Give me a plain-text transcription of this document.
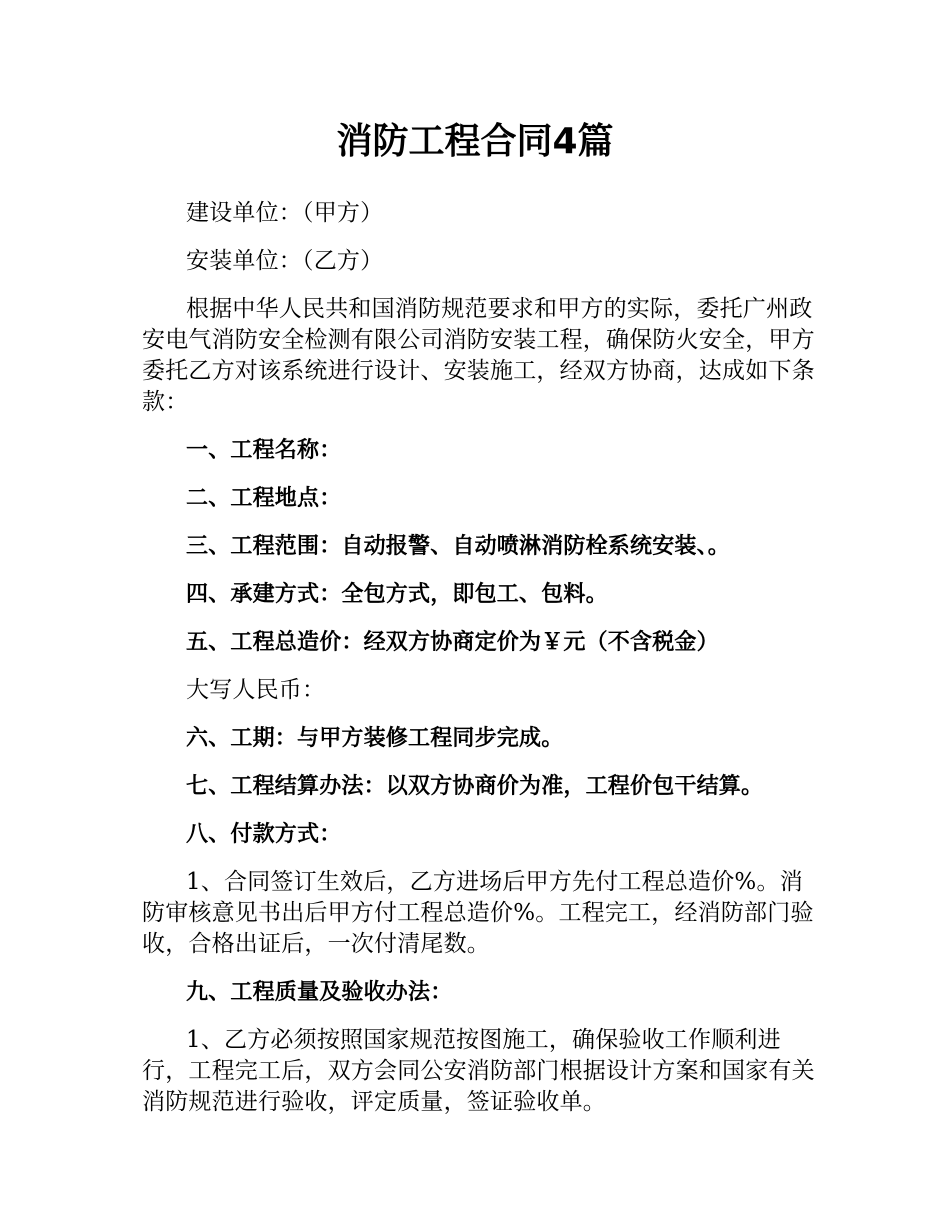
消防工程合同4篇

建设单位：（甲方）

安装单位：（乙方）

根据中华人民共和国消防规范要求和甲方的实际，委托广州政安电气消防安全检测有限公司消防安装工程，确保防火安全，甲方委托乙方对该系统进行设计、安装施工，经双方协商，达成如下条款：

一、工程名称：

二、工程地点：

三、工程范围：自动报警、自动喷淋消防栓系统安装、。

四、承建方式：全包方式，即包工、包料。

五、工程总造价：经双方协商定价为￥元（不含税金）

大写人民币：

六、工期：与甲方装修工程同步完成。

七、工程结算办法：以双方协商价为准，工程价包干结算。

八、付款方式：

1、合同签订生效后，乙方进场后甲方先付工程总造价%。消防审核意见书出后甲方付工程总造价%。工程完工，经消防部门验收，合格出证后，一次付清尾数。

九、工程质量及验收办法：

1、乙方必须按照国家规范按图施工，确保验收工作顺利进行，工程完工后，双方会同公安消防部门根据设计方案和国家有关消防规范进行验收，评定质量，签证验收单。
